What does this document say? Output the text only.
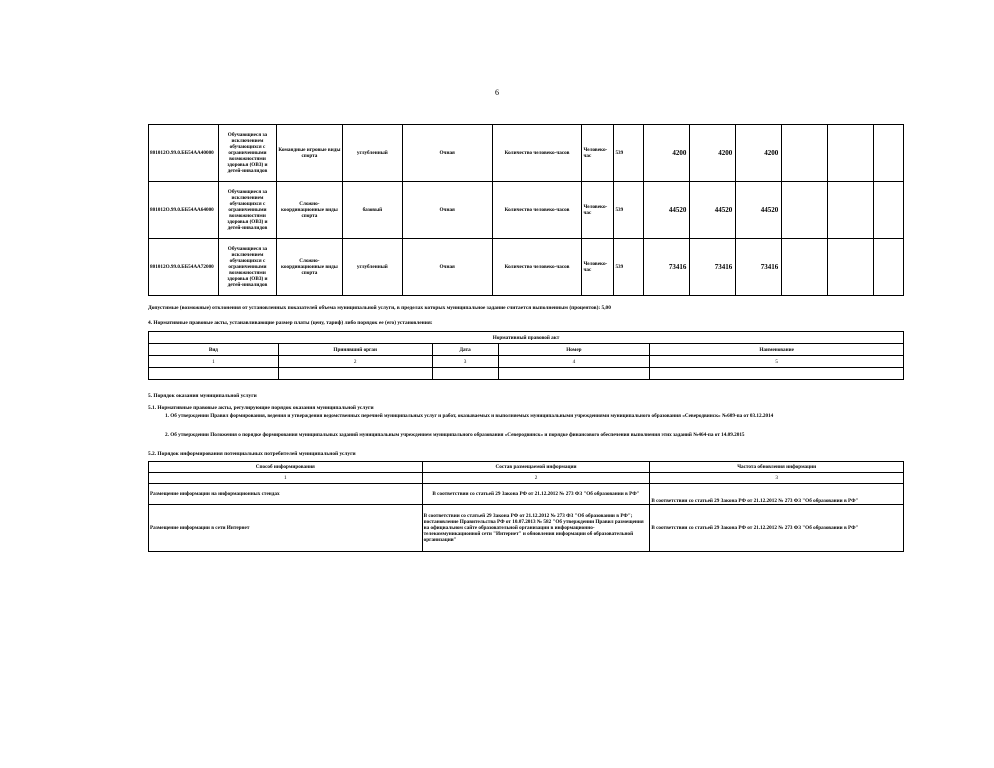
6
801012О.99.0.ББ54АА40000	Обучающиеся за исключением обучающихся с ограниченными возможностями здоровья (ОВЗ) и детей-инвалидов	Командные игровые виды спорта	углубленный	Очная	Количество человеко-часов	Человеко-час	539	4200	4200	4200			
801012О.99.0.ББ54АА64000	Обучающиеся за исключением обучающихся с ограниченными возможностями здоровья (ОВЗ) и детей-инвалидов	Сложно-координационные виды спорта	базовый	Очная	Количество человеко-часов	Человеко-час	539	44520	44520	44520			
801012О.99.0.ББ54АА72000	Обучающиеся за исключением обучающихся с ограниченными возможностями здоровья (ОВЗ) и детей-инвалидов	Сложно-координационные виды спорта	углубленный	Очная	Количество человеко-часов	Человеко-час	539	73416	73416	73416			
Допустимые (возможные) отклонения от установленных показателей объема муниципальной услуги, в пределах которых муниципальное задание считается выполненным (процентов): 5,00
4. Нормативные правовые акты, устанавливающие размер платы (цену, тариф) либо порядок ее (его) установления:
Нормативный правовой акт				
Вид	Принявший орган	Дата	Номер	Наименование
1	2	3	4	5

5. Порядок оказания муниципальной услуги
5.1. Нормативные правовые акты, регулирующие порядок оказания муниципальной услуги
1. Об утверждении Правил формирования, ведения и утверждения ведомственных перечней муниципальных услуг и работ, оказываемых и выполняемых муниципальными учреждениями муниципального образования «Северодвинск» №609-па от 03.12.2014
2. Об утверждении Положения о порядке формирования муниципальных заданий муниципальным учреждением муниципального образования «Северодвинск» и порядке финансового обеспечения выполнения этих заданий №464-па от 14.09.2015
5.2. Порядок информирования потенциальных потребителей муниципальной услуги
Способ информирования	Состав размещаемой информации	Частота обновления информации
1	2	3
Размещение информации на информационных стендах	В соответствии со статьей 29 Закона РФ от 21.12.2012 № 273 ФЗ "Об образовании в РФ"	В соответствии со статьей 29 Закона РФ от 21.12.2012 № 273 ФЗ "Об образовании в РФ"
Размещение информации в сети Интернет	В соответствии со статьей 29 Закона РФ от 21.12.2012 № 273 ФЗ "Об образовании в РФ"; постановление Правительства РФ от 10.07.2013 № 582 "Об утверждении Правил размещения на официальном сайте образовательной организации в информационно-телекоммуникационной сети "Интернет" и обновления информации об образовательной организации"	В соответствии со статьей 29 Закона РФ от 21.12.2012 № 273 ФЗ "Об образовании в РФ"
